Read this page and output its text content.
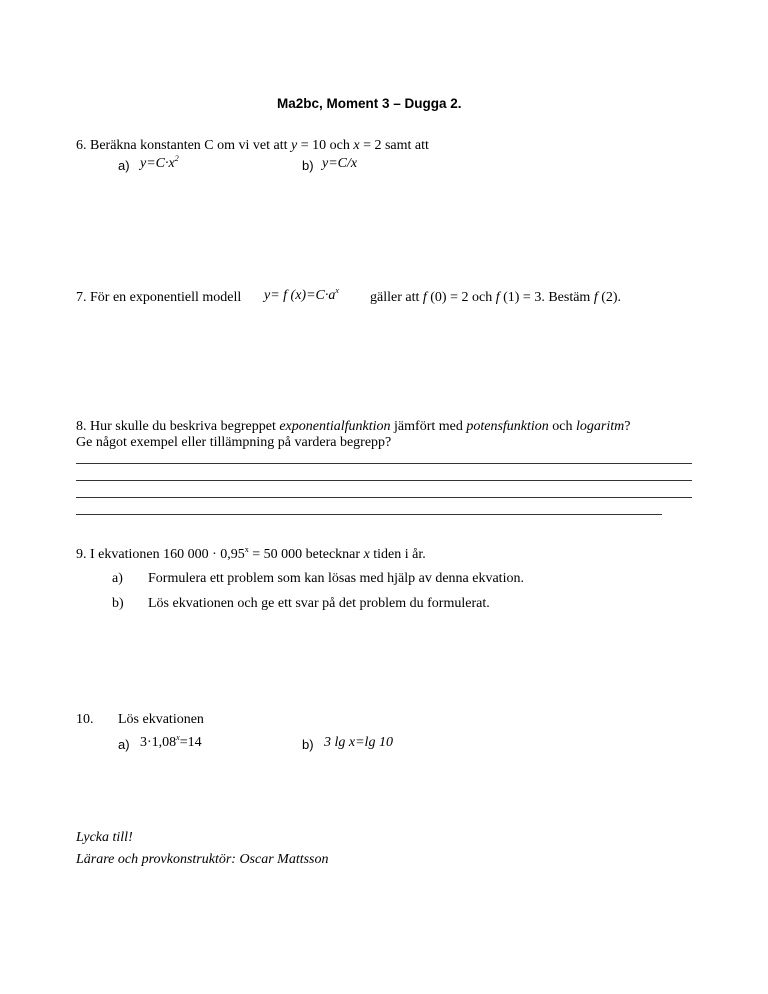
Ma2bc, Moment 3 – Dugga 2.
6. Beräkna konstanten C om vi vet att y = 10 och x = 2 samt att
a) $y=C\cdot x^2$	b) y=C/x
7. För en exponentiell modell y= f $(x)=C\cdot a^x$ gäller att f (0) = 2 och f (1) = 3. Bestäm f (2).
8. Hur skulle du beskriva begreppet exponentialfunktion jämfört med potensfunktion och logaritm?
Ge något exempel eller tillämpning på vardera begrepp?
9. I ekvationen 160 $000 \cdot 0,95^x = 50$ 000 betecknar x tiden i år.
a) Formulera ett problem som kan lösas med hjälp av denna ekvation.
b) Lös ekvationen och ge ett svar på det problem du formulerat.
10. Lös ekvationen
a) $3\cdot 1,08^x=14$	b) 3 lg x=lg 10
Lycka till!
Lärare och provkonstruktör: Oscar Mattsson
